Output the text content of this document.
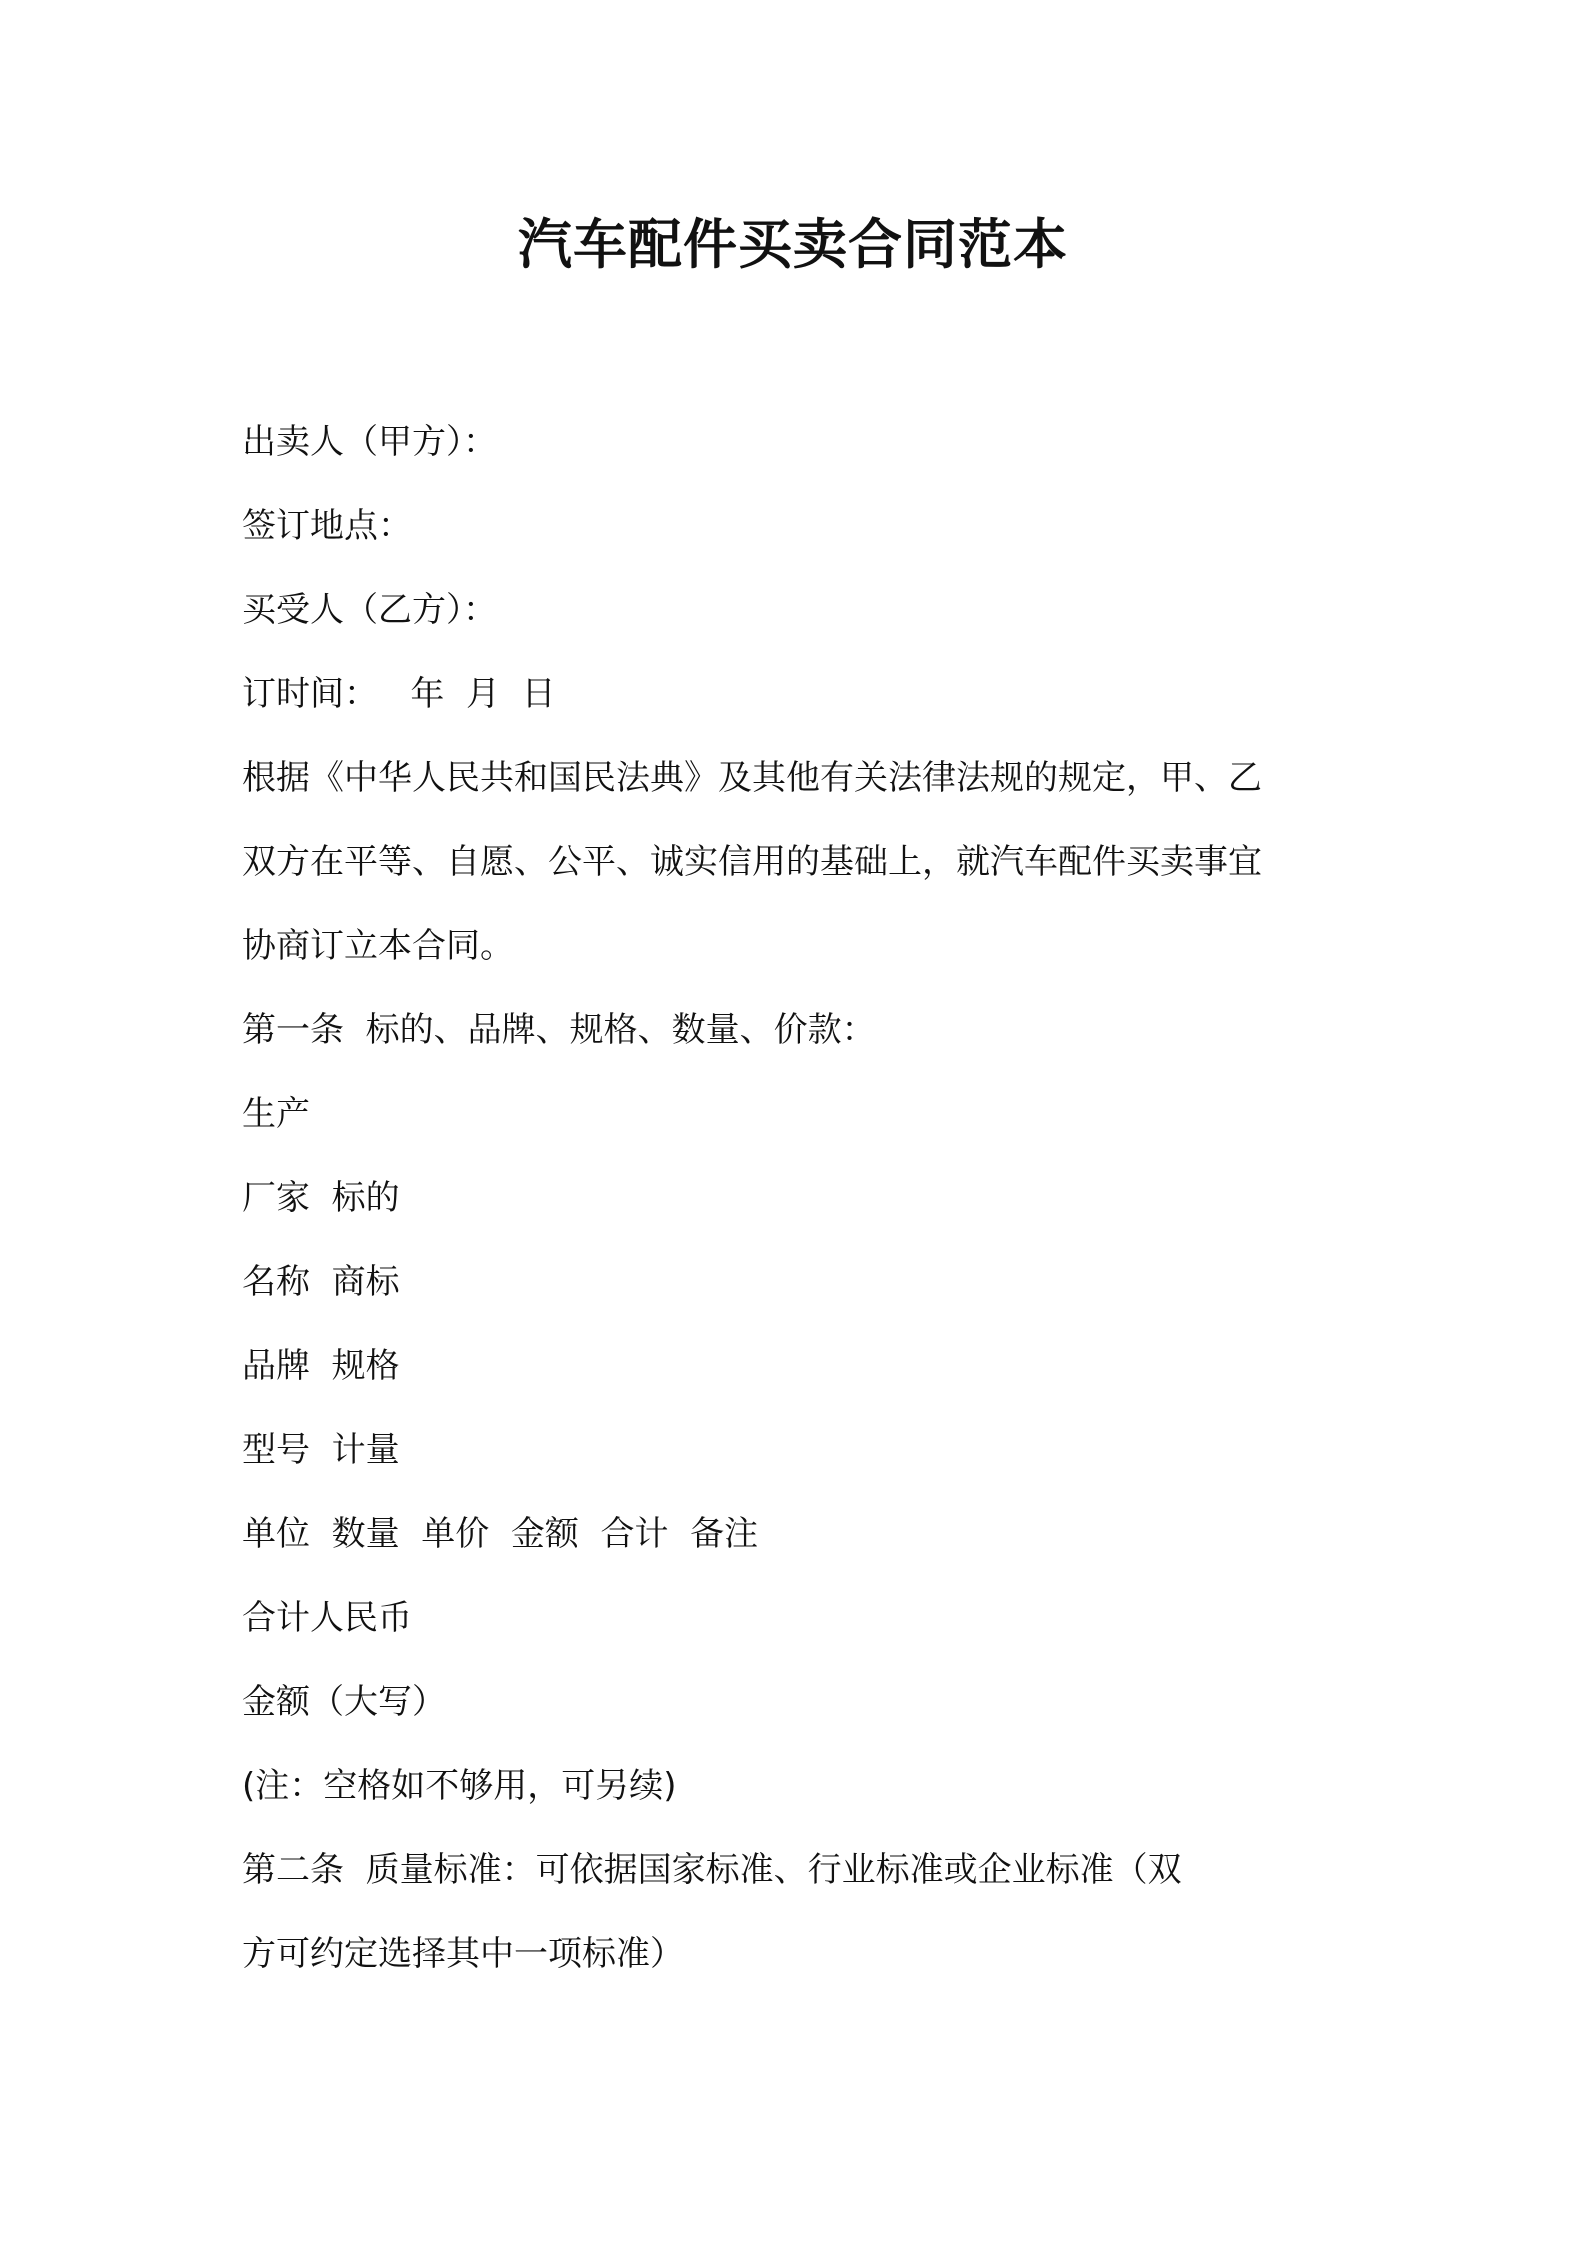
汽车配件买卖合同范本

出卖人（甲方）：

签订地点：

买受人（乙方）：

订时间：   年  月  日

根据《中华人民共和国民法典》及其他有关法律法规的规定，甲、乙

双方在平等、自愿、公平、诚实信用的基础上，就汽车配件买卖事宜

协商订立本合同。

第一条  标的、品牌、规格、数量、价款：

生产

厂家  标的

名称  商标

品牌  规格

型号  计量

单位  数量  单价  金额  合计  备注

合计人民币

金额（大写）

(注：空格如不够用，可另续)

第二条  质量标准：可依据国家标准、行业标准或企业标准（双

方可约定选择其中一项标准）
